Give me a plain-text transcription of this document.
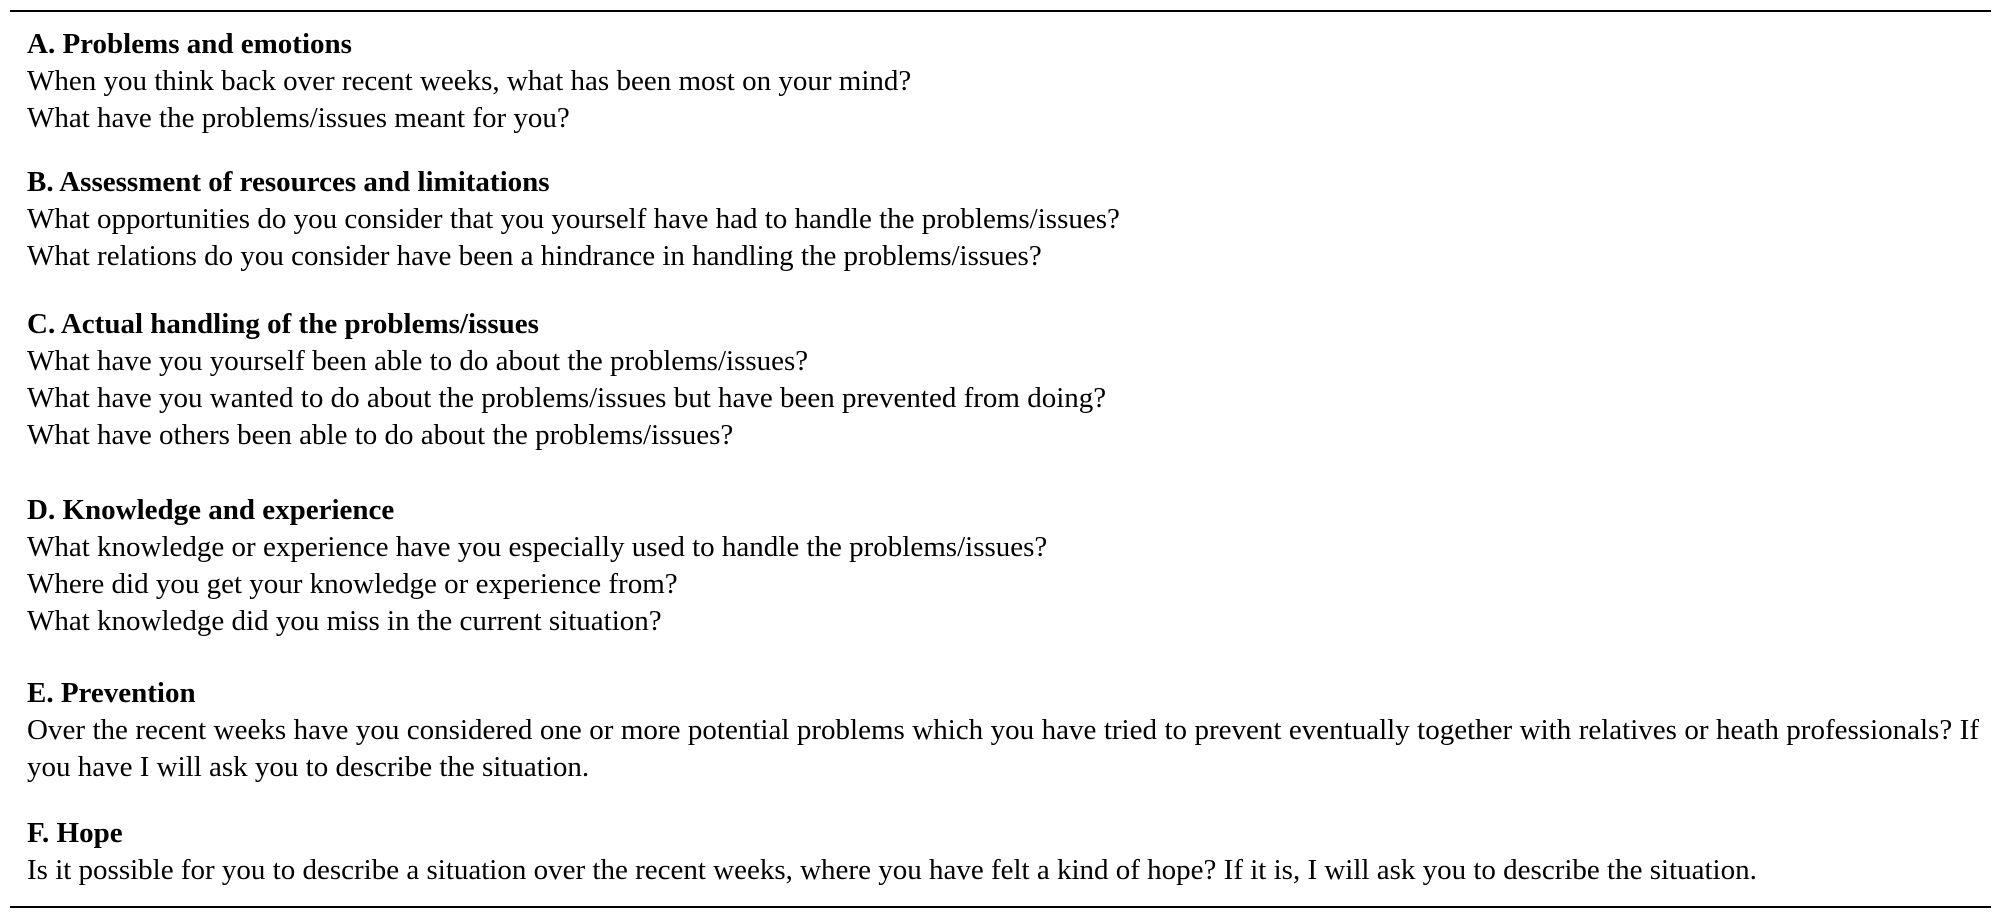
A. Problems and emotions
When you think back over recent weeks, what has been most on your mind?
What have the problems/issues meant for you?
B. Assessment of resources and limitations
What opportunities do you consider that you yourself have had to handle the problems/issues?
What relations do you consider have been a hindrance in handling the problems/issues?
C. Actual handling of the problems/issues
What have you yourself been able to do about the problems/issues?
What have you wanted to do about the problems/issues but have been prevented from doing?
What have others been able to do about the problems/issues?
D. Knowledge and experience
What knowledge or experience have you especially used to handle the problems/issues?
Where did you get your knowledge or experience from?
What knowledge did you miss in the current situation?
E. Prevention

Over the recent weeks have you considered one or more potential problems which you have tried to prevent eventually together with relatives or heath professionals? If you have I will ask you to describe the situation.

F. Hope
Is it possible for you to describe a situation over the recent weeks, where you have felt a kind of hope? If it is, I will ask you to describe the situation.
